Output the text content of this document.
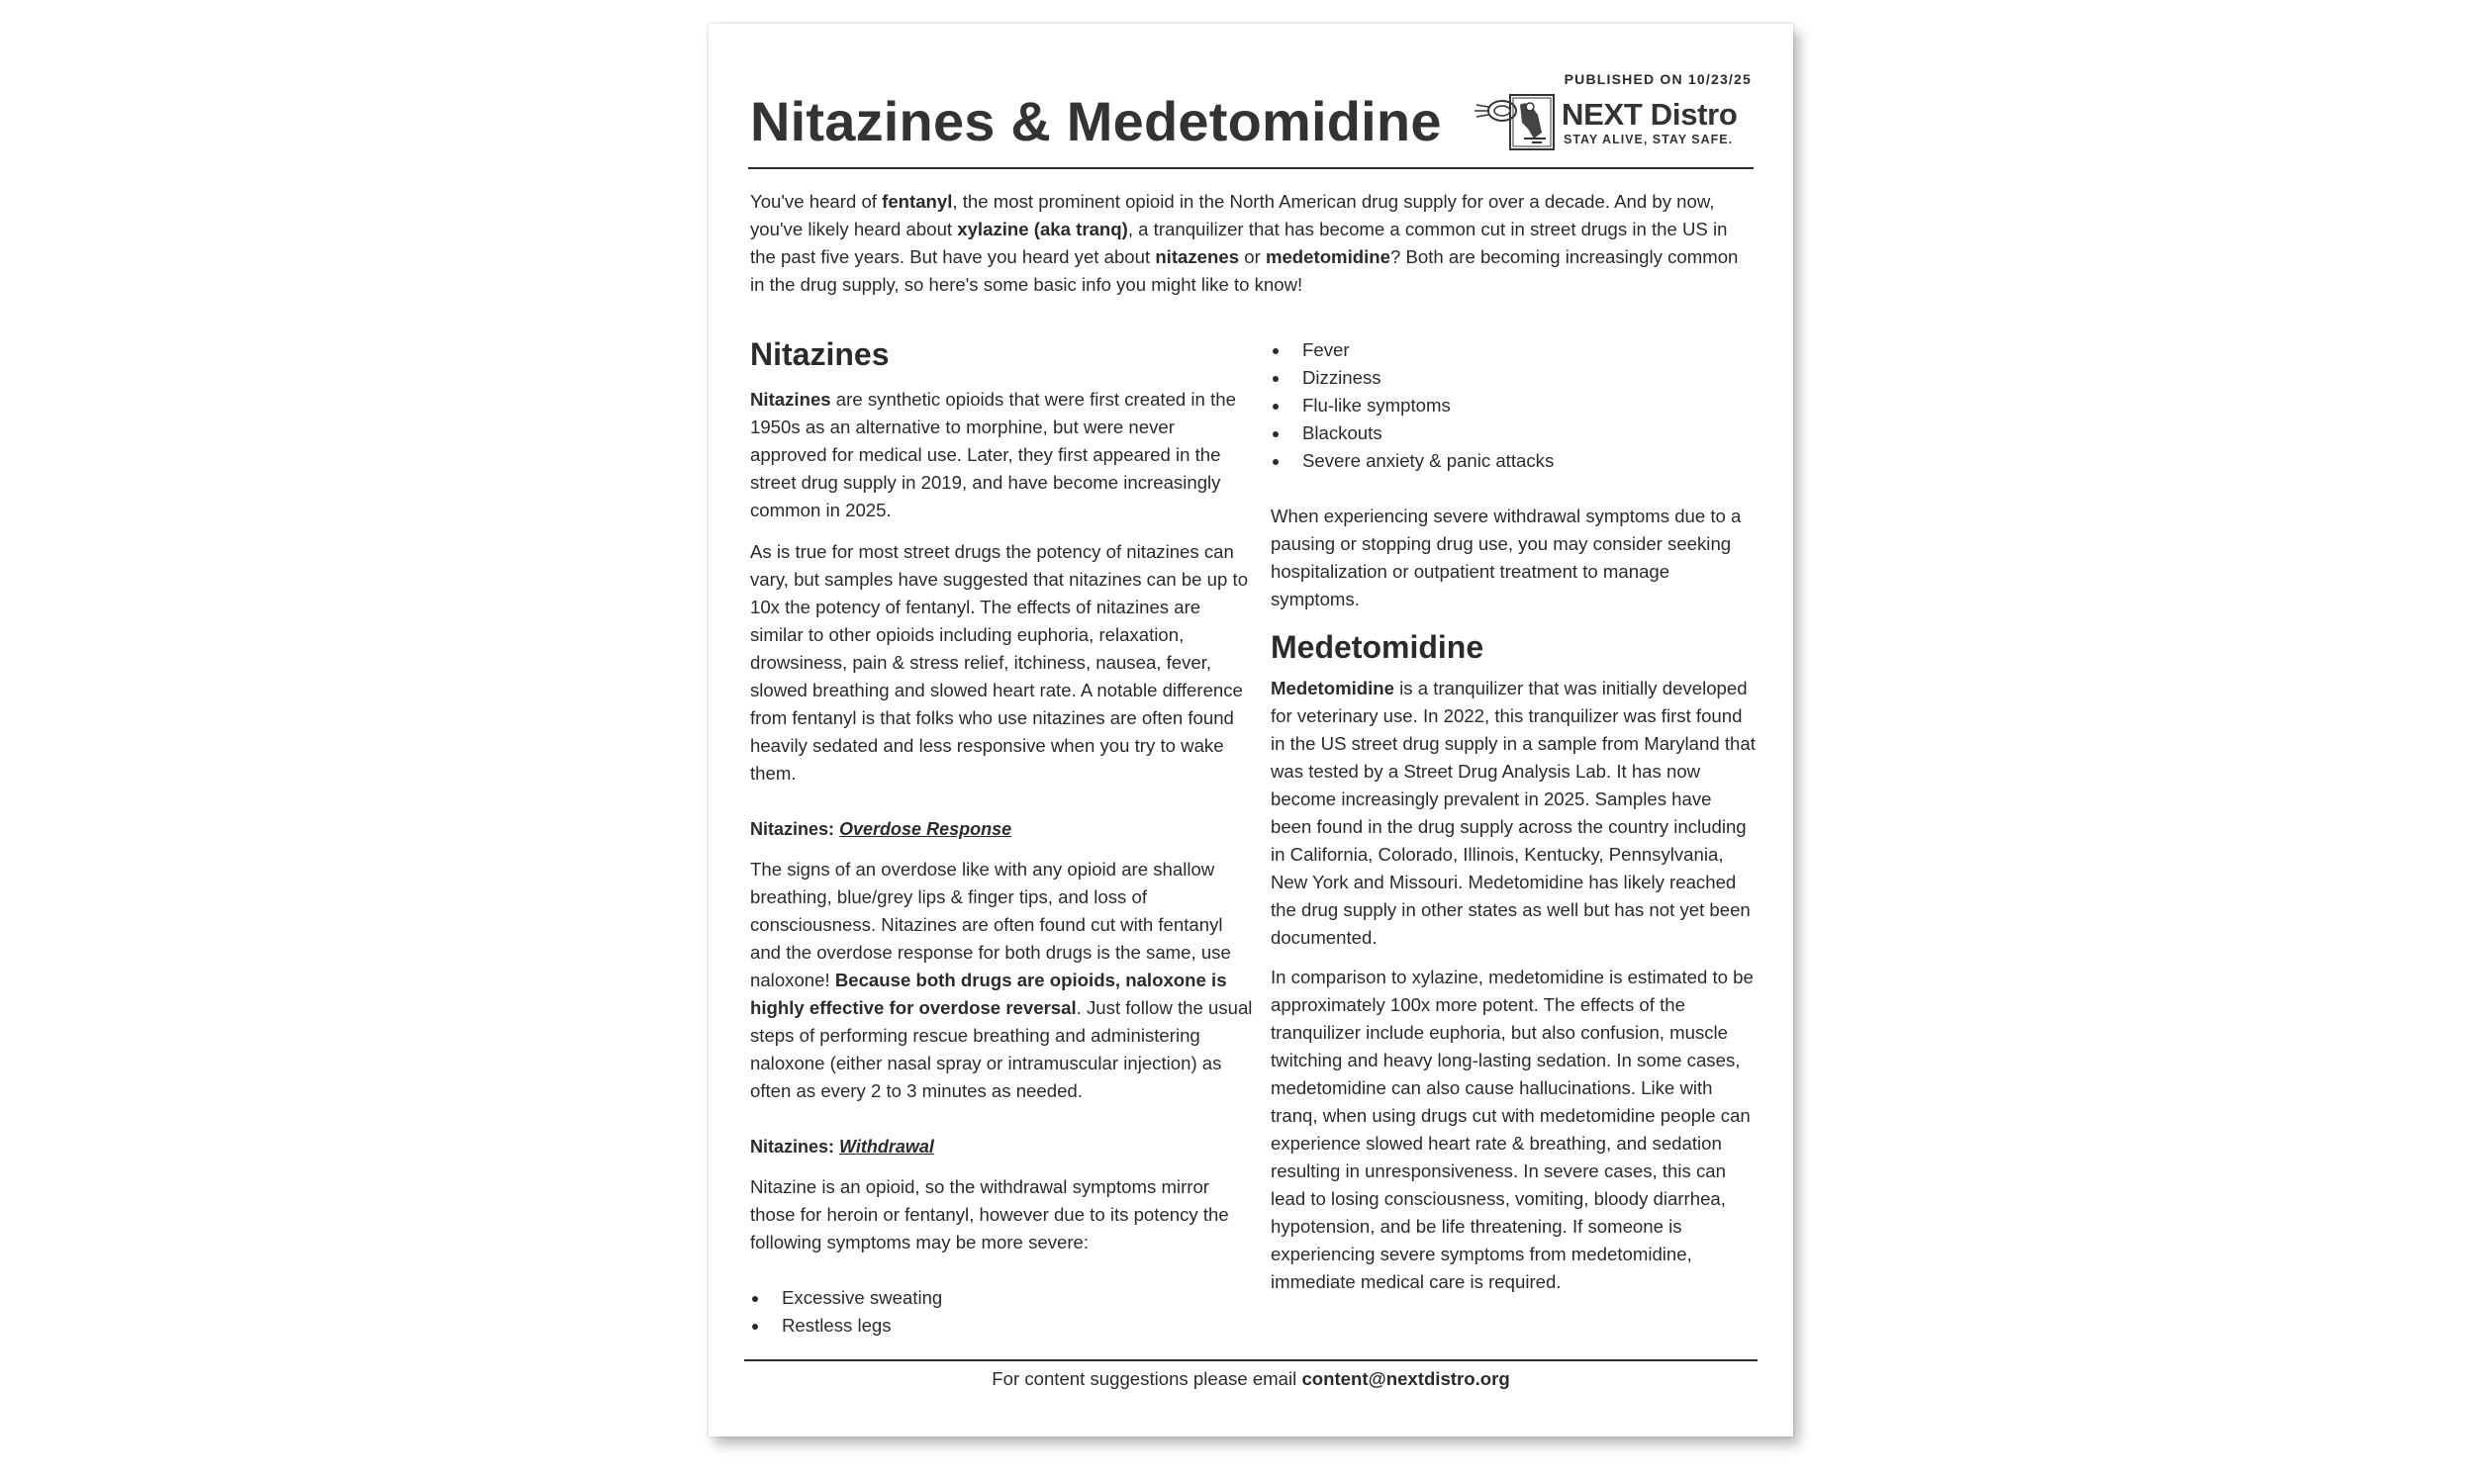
PUBLISHED ON 10/23/25
Nitazines & Medetomidine	NEXT Distro
STAY ALIVE, STAY SAFE.

You've heard of fentanyl, the most prominent opioid in the North American drug supply for over a decade. And by now, you've likely heard about xylazine (aka tranq), a tranquilizer that has become a common cut in street drugs in the US in the past five years. But have you heard yet about nitazenes or medetomidine? Both are becoming increasingly common in the drug supply, so here's some basic info you might like to know!

Nitazines

Nitazines are synthetic opioids that were first created in the 1950s as an alternative to morphine, but were never approved for medical use. Later, they first appeared in the street drug supply in 2019, and have become increasingly common in 2025.

As is true for most street drugs the potency of nitazines can vary, but samples have suggested that nitazines can be up to 10x the potency of fentanyl. The effects of nitazines are similar to other opioids including euphoria, relaxation, drowsiness, pain & stress relief, itchiness, nausea, fever, slowed breathing and slowed heart rate. A notable difference from fentanyl is that folks who use nitazines are often found heavily sedated and less responsive when you try to wake them.

Nitazines: Overdose Response

The signs of an overdose like with any opioid are shallow breathing, blue/grey lips & finger tips, and loss of consciousness. Nitazines are often found cut with fentanyl and the overdose response for both drugs is the same, use naloxone! Because both drugs are opioids, naloxone is highly effective for overdose reversal. Just follow the usual steps of performing rescue breathing and administering naloxone (either nasal spray or intramuscular injection) as often as every 2 to 3 minutes as needed.

Nitazines: Withdrawal

Nitazine is an opioid, so the withdrawal symptoms mirror those for heroin or fentanyl, however due to its potency the following symptoms may be more severe:

Excessive sweating
Restless legs
Fever
Dizziness
Flu-like symptoms
Blackouts
Severe anxiety & panic attacks

When experiencing severe withdrawal symptoms due to a pausing or stopping drug use, you may consider seeking hospitalization or outpatient treatment to manage symptoms.

Medetomidine

Medetomidine is a tranquilizer that was initially developed for veterinary use. In 2022, this tranquilizer was first found in the US street drug supply in a sample from Maryland that was tested by a Street Drug Analysis Lab. It has now become increasingly prevalent in 2025. Samples have been found in the drug supply across the country including in California, Colorado, Illinois, Kentucky, Pennsylvania, New York and Missouri. Medetomidine has likely reached the drug supply in other states as well but has not yet been documented.

In comparison to xylazine, medetomidine is estimated to be approximately 100x more potent. The effects of the tranquilizer include euphoria, but also confusion, muscle twitching and heavy long-lasting sedation. In some cases, medetomidine can also cause hallucinations. Like with tranq, when using drugs cut with medetomidine people can experience slowed heart rate & breathing, and sedation resulting in unresponsiveness. In severe cases, this can lead to losing consciousness, vomiting, bloody diarrhea, hypotension, and be life threatening. If someone is experiencing severe symptoms from medetomidine, immediate medical care is required.

For content suggestions please email content@nextdistro.org
